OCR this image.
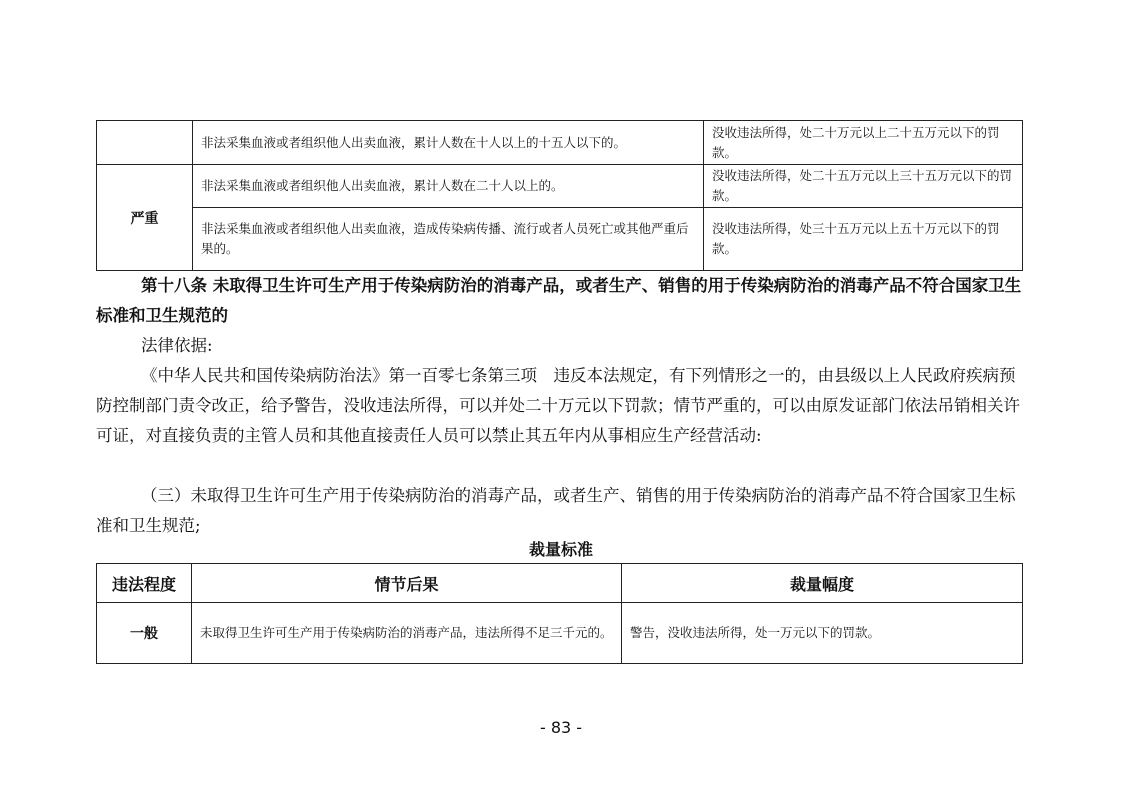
	非法采集血液或者组织他人出卖血液，累计人数在十人以上的十五人以下的。	没收违法所得，处二十万元以上二十五万元以下的罚款。
严重	非法采集血液或者组织他人出卖血液，累计人数在二十人以上的。	没收违法所得，处二十五万元以上三十五万元以下的罚款。
	非法采集血液或者组织他人出卖血液，造成传染病传播、流行或者人员死亡或其他严重后果的。	没收违法所得，处三十五万元以上五十万元以下的罚款。
第十八条 未取得卫生许可生产用于传染病防治的消毒产品，或者生产、销售的用于传染病防治的消毒产品不符合国家卫生标准和卫生规范的
法律依据:
《中华人民共和国传染病防治法》第一百零七条第三项　违反本法规定，有下列情形之一的，由县级以上人民政府疾病预防控制部门责令改正，给予警告，没收违法所得，可以并处二十万元以下罚款；情节严重的，可以由原发证部门依法吊销相关许可证，对直接负责的主管人员和其他直接责任人员可以禁止其五年内从事相应生产经营活动:
（三）未取得卫生许可生产用于传染病防治的消毒产品，或者生产、销售的用于传染病防治的消毒产品不符合国家卫生标准和卫生规范;
裁量标准
违法程度	情节后果	裁量幅度
一般	未取得卫生许可生产用于传染病防治的消毒产品，违法所得不足三千元的。	警告，没收违法所得，处一万元以下的罚款。
- 83 -
